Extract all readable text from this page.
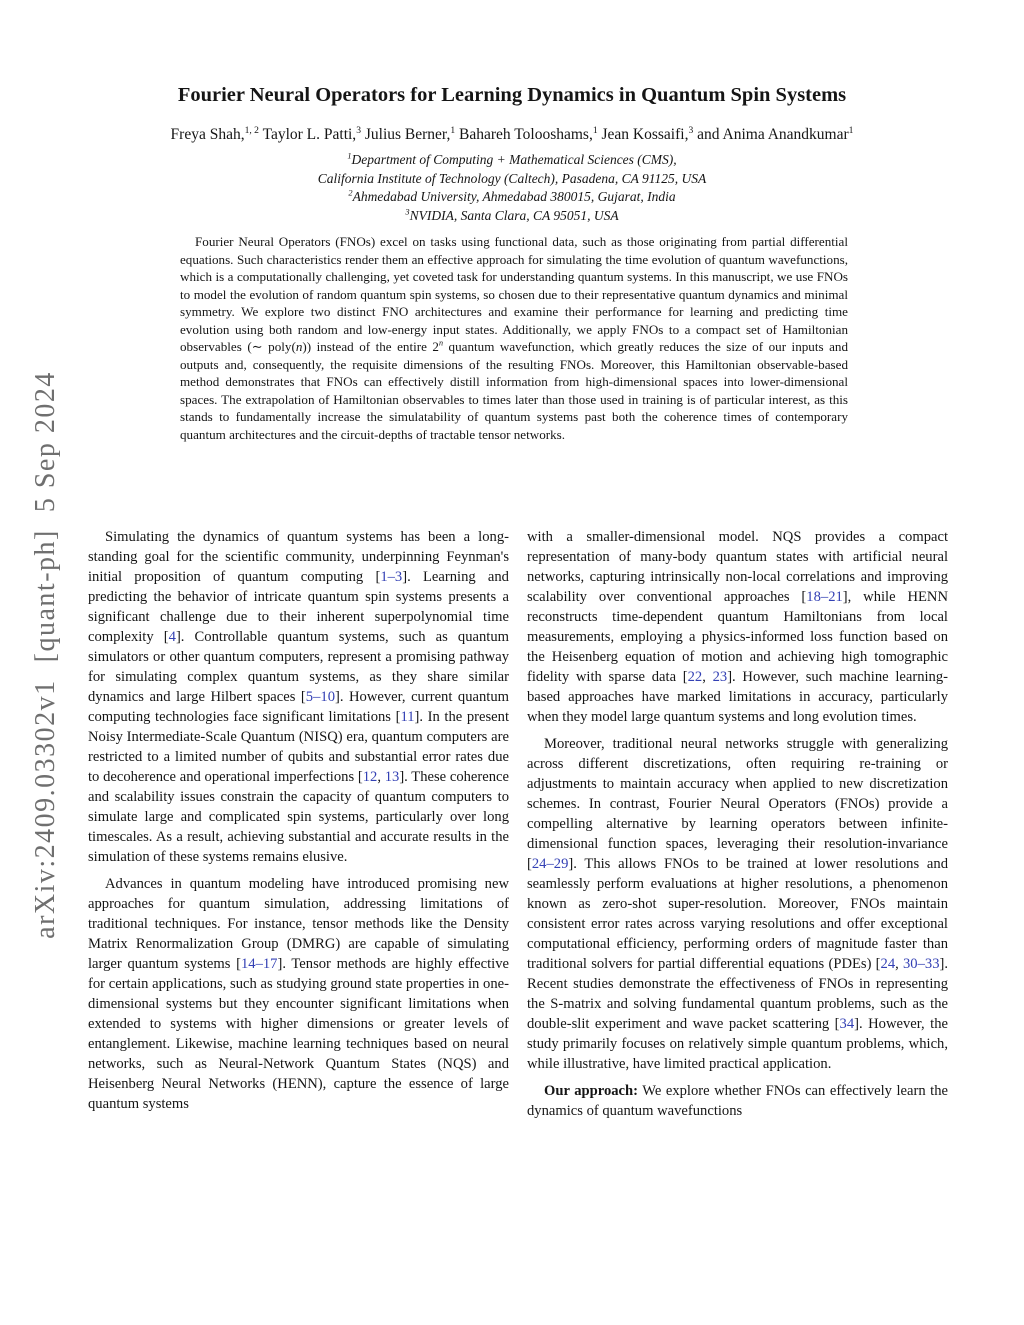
arXiv:2409.03302v1  [quant-ph]  5 Sep 2024
Fourier Neural Operators for Learning Dynamics in Quantum Spin Systems
Freya Shah,$^{1, 2}$ Taylor L. Patti,$^3$ Julius Berner,$^1$ Bahareh Tolooshams,$^1$ Jean Kossaifi,$^3$ and Anima Anandkumar$^1$
$^1$Department of Computing + Mathematical Sciences (CMS),
California Institute of Technology (Caltech), Pasadena, CA 91125, USA
$^2$Ahmedabad University, Ahmedabad 380015, Gujarat, India
$^3$NVIDIA, Santa Clara, CA 95051, USA

Fourier Neural Operators (FNOs) excel on tasks using functional data, such as those originating from partial differential equations. Such characteristics render them an effective approach for simulating the time evolution of quantum wavefunctions, which is a computationally challenging, yet coveted task for understanding quantum systems. In this manuscript, we use FNOs to model the evolution of random quantum spin systems, so chosen due to their representative quantum dynamics and minimal symmetry. We explore two distinct FNO architectures and examine their performance for learning and predicting time evolution using both random and low-energy input states. Additionally, we apply FNOs to a compact set of Hamiltonian observables (∼ poly(n)) instead of the entire 2$^n$ quantum wavefunction, which greatly reduces the size of our inputs and outputs and, consequently, the requisite dimensions of the resulting FNOs. Moreover, this Hamiltonian observable-based method demonstrates that FNOs can effectively distill information from high-dimensional spaces into lower-dimensional spaces. The extrapolation of Hamiltonian observables to times later than those used in training is of particular interest, as this stands to fundamentally increase the simulatability of quantum systems past both the coherence times of contemporary quantum architectures and the circuit-depths of tractable tensor networks.

Simulating the dynamics of quantum systems has been a long-standing goal for the scientific community, underpinning Feynman's initial proposition of quantum computing [1–3]. Learning and predicting the behavior of intricate quantum spin systems presents a significant challenge due to their inherent superpolynomial time complexity [4]. Controllable quantum systems, such as quantum simulators or other quantum computers, represent a promising pathway for simulating complex quantum systems, as they share similar dynamics and large Hilbert spaces [5–10]. However, current quantum computing technologies face significant limitations [11]. In the present Noisy Intermediate-Scale Quantum (NISQ) era, quantum computers are restricted to a limited number of qubits and substantial error rates due to decoherence and operational imperfections [12, 13]. These coherence and scalability issues constrain the capacity of quantum computers to simulate large and complicated spin systems, particularly over long timescales. As a result, achieving substantial and accurate results in the simulation of these systems remains elusive.

Advances in quantum modeling have introduced promising new approaches for quantum simulation, addressing limitations of traditional techniques. For instance, tensor methods like the Density Matrix Renormalization Group (DMRG) are capable of simulating larger quantum systems [14–17]. Tensor methods are highly effective for certain applications, such as studying ground state properties in one-dimensional systems but they encounter significant limitations when extended to systems with higher dimensions or greater levels of entanglement. Likewise, machine learning techniques based on neural networks, such as Neural-Network Quantum States (NQS) and Heisenberg Neural Networks (HENN), capture the essence of large quantum systems

with a smaller-dimensional model. NQS provides a compact representation of many-body quantum states with artificial neural networks, capturing intrinsically non-local correlations and improving scalability over conventional approaches [18–21], while HENN reconstructs time-dependent quantum Hamiltonians from local measurements, employing a physics-informed loss function based on the Heisenberg equation of motion and achieving high tomographic fidelity with sparse data [22, 23]. However, such machine learning-based approaches have marked limitations in accuracy, particularly when they model large quantum systems and long evolution times.

Moreover, traditional neural networks struggle with generalizing across different discretizations, often requiring re-training or adjustments to maintain accuracy when applied to new discretization schemes. In contrast, Fourier Neural Operators (FNOs) provide a compelling alternative by learning operators between infinite-dimensional function spaces, leveraging their resolution-invariance [24–29]. This allows FNOs to be trained at lower resolutions and seamlessly perform evaluations at higher resolutions, a phenomenon known as zero-shot super-resolution. Moreover, FNOs maintain consistent error rates across varying resolutions and offer exceptional computational efficiency, performing orders of magnitude faster than traditional solvers for partial differential equations (PDEs) [24, 30–33]. Recent studies demonstrate the effectiveness of FNOs in representing the S-matrix and solving fundamental quantum problems, such as the double-slit experiment and wave packet scattering [34]. However, the study primarily focuses on relatively simple quantum problems, which, while illustrative, have limited practical application.

Our approach: We explore whether FNOs can effectively learn the dynamics of quantum wavefunctions
